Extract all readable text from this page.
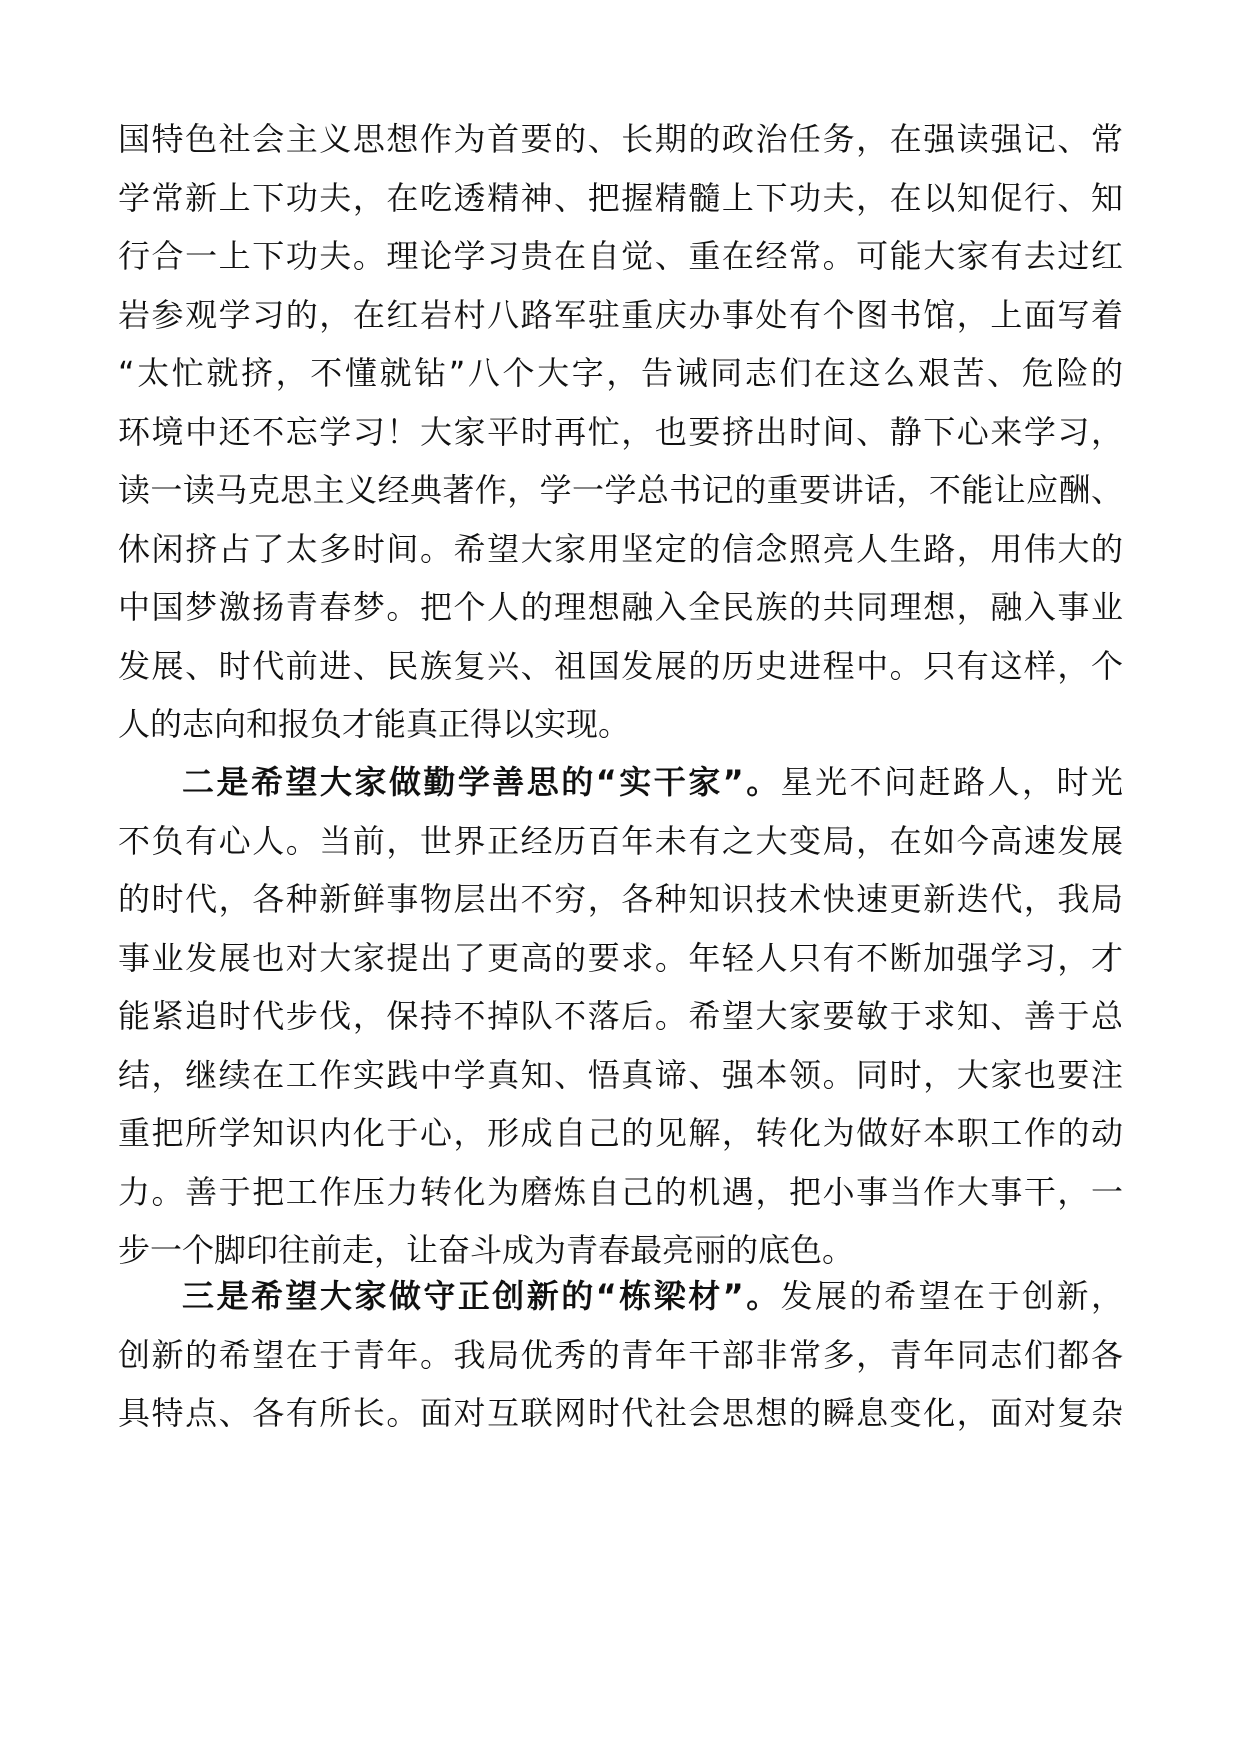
国特色社会主义思想作为首要的、长期的政治任务，在强读强记、常
学常新上下功夫，在吃透精神、把握精髓上下功夫，在以知促行、知
行合一上下功夫。理论学习贵在自觉、重在经常。可能大家有去过红
岩参观学习的，在红岩村八路军驻重庆办事处有个图书馆，上面写着
“太忙就挤，不懂就钻”八个大字，告诫同志们在这么艰苦、危险的
环境中还不忘学习！大家平时再忙，也要挤出时间、静下心来学习，
读一读马克思主义经典著作，学一学总书记的重要讲话，不能让应酬、
休闲挤占了太多时间。希望大家用坚定的信念照亮人生路，用伟大的
中国梦激扬青春梦。把个人的理想融入全民族的共同理想，融入事业
发展、时代前进、民族复兴、祖国发展的历史进程中。只有这样，个
人的志向和报负才能真正得以实现。
二是希望大家做勤学善思的“实干家”。星光不问赶路人，时光
不负有心人。当前，世界正经历百年未有之大变局，在如今高速发展
的时代，各种新鲜事物层出不穷，各种知识技术快速更新迭代，我局
事业发展也对大家提出了更高的要求。年轻人只有不断加强学习，才
能紧追时代步伐，保持不掉队不落后。希望大家要敏于求知、善于总
结，继续在工作实践中学真知、悟真谛、强本领。同时，大家也要注
重把所学知识内化于心，形成自己的见解，转化为做好本职工作的动
力。善于把工作压力转化为磨炼自己的机遇，把小事当作大事干，一
步一个脚印往前走，让奋斗成为青春最亮丽的底色。
三是希望大家做守正创新的“栋梁材”。发展的希望在于创新，
创新的希望在于青年。我局优秀的青年干部非常多，青年同志们都各
具特点、各有所长。面对互联网时代社会思想的瞬息变化，面对复杂
